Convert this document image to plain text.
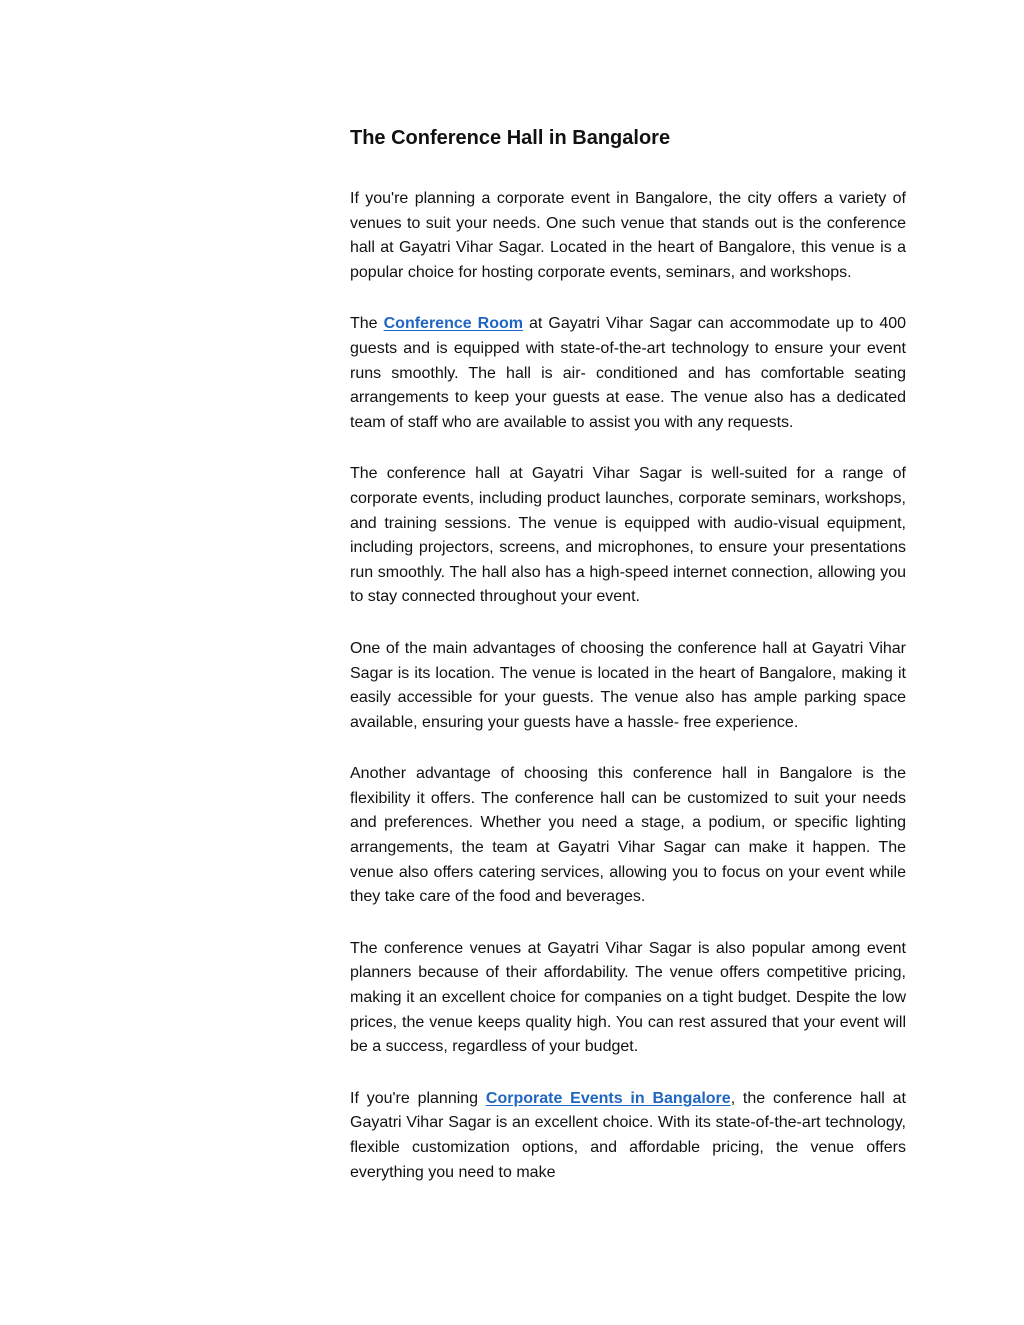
The Conference Hall in Bangalore

If you're planning a corporate event in Bangalore, the city offers a variety of venues to suit your needs. One such venue that stands out is the conference hall at Gayatri Vihar Sagar. Located in the heart of Bangalore, this venue is a popular choice for hosting corporate events, seminars, and workshops.

The Conference Room at Gayatri Vihar Sagar can accommodate up to 400 guests and is equipped with state-of-the-art technology to ensure your event runs smoothly. The hall is air- conditioned and has comfortable seating arrangements to keep your guests at ease. The venue also has a dedicated team of staff who are available to assist you with any requests.

The conference hall at Gayatri Vihar Sagar is well-suited for a range of corporate events, including product launches, corporate seminars, workshops, and training sessions. The venue is equipped with audio-visual equipment, including projectors, screens, and microphones, to ensure your presentations run smoothly. The hall also has a high-speed internet connection, allowing you to stay connected throughout your event.

One of the main advantages of choosing the conference hall at Gayatri Vihar Sagar is its location. The venue is located in the heart of Bangalore, making it easily accessible for your guests. The venue also has ample parking space available, ensuring your guests have a hassle- free experience.

Another advantage of choosing this conference hall in Bangalore is the flexibility it offers. The conference hall can be customized to suit your needs and preferences. Whether you need a stage, a podium, or specific lighting arrangements, the team at Gayatri Vihar Sagar can make it happen. The venue also offers catering services, allowing you to focus on your event while they take care of the food and beverages.

The conference venues at Gayatri Vihar Sagar is also popular among event planners because of their affordability. The venue offers competitive pricing, making it an excellent choice for companies on a tight budget. Despite the low prices, the venue keeps quality high. You can rest assured that your event will be a success, regardless of your budget.

If you're planning Corporate Events in Bangalore, the conference hall at Gayatri Vihar Sagar is an excellent choice. With its state-of-the-art technology, flexible customization options, and affordable pricing, the venue offers everything you need to make
